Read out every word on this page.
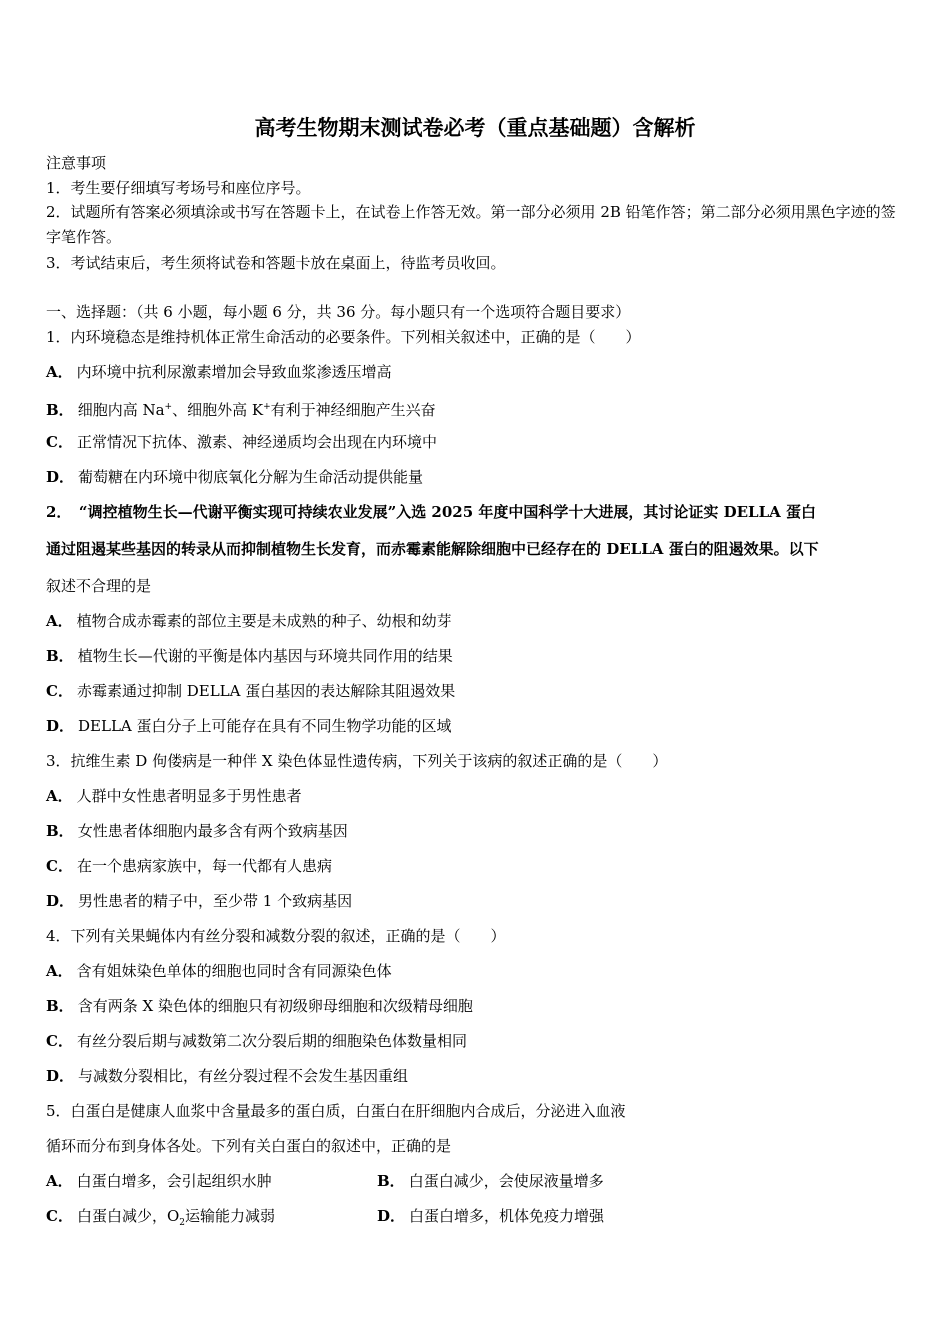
高考生物期末测试卷必考（重点基础题）含解析
注意事项
1．考生要仔细填写考场号和座位序号。
2．试题所有答案必须填涂或书写在答题卡上，在试卷上作答无效。第一部分必须用 2B 铅笔作答；第二部分必须用黑色字迹的签字笔作答。
3．考试结束后，考生须将试卷和答题卡放在桌面上，待监考员收回。
一、选择题：（共 6 小题，每小题 6 分，共 36 分。每小题只有一个选项符合题目要求）
1．内环境稳态是维持机体正常生命活动的必要条件。下列相关叙述中，正确的是（　　）
A． 内环境中抗利尿激素增加会导致血浆渗透压增高
B． 细胞内高 Na+、细胞外高 K+有利于神经细胞产生兴奋
C． 正常情况下抗体、激素、神经递质均会出现在内环境中
D． 葡萄糖在内环境中彻底氧化分解为生命活动提供能量
2．　“调控植物生长—代谢平衡实现可持续农业发展”入选 2025 年度中国科学十大进展，其讨论证实 DELLA 蛋白
通过阻遏某些基因的转录从而抑制植物生长发育，而赤霉素能解除细胞中已经存在的 DELLA 蛋白的阻遏效果。以下
叙述不合理的是
A． 植物合成赤霉素的部位主要是未成熟的种子、幼根和幼芽
B． 植物生长—代谢的平衡是体内基因与环境共同作用的结果
C． 赤霉素通过抑制 DELLA 蛋白基因的表达解除其阻遏效果
D． DELLA 蛋白分子上可能存在具有不同生物学功能的区域
3．抗维生素 D 佝偻病是一种伴 X 染色体显性遗传病，下列关于该病的叙述正确的是（　　）
A． 人群中女性患者明显多于男性患者
B． 女性患者体细胞内最多含有两个致病基因
C． 在一个患病家族中，每一代都有人患病
D． 男性患者的精子中，至少带 1 个致病基因
4．下列有关果蝇体内有丝分裂和减数分裂的叙述，正确的是（　　）
A． 含有姐妹染色单体的细胞也同时含有同源染色体
B． 含有两条 X 染色体的细胞只有初级卵母细胞和次级精母细胞
C． 有丝分裂后期与减数第二次分裂后期的细胞染色体数量相同
D． 与减数分裂相比，有丝分裂过程不会发生基因重组
5．白蛋白是健康人血浆中含量最多的蛋白质，白蛋白在肝细胞内合成后，分泌进入血液
循环而分布到身体各处。下列有关白蛋白的叙述中，正确的是
A． 白蛋白增多，会引起组织水肿	B． 白蛋白减少，会使尿液量增多
C． 白蛋白减少，$O_2$运输能力减弱	D． 白蛋白增多，机体免疫力增强
